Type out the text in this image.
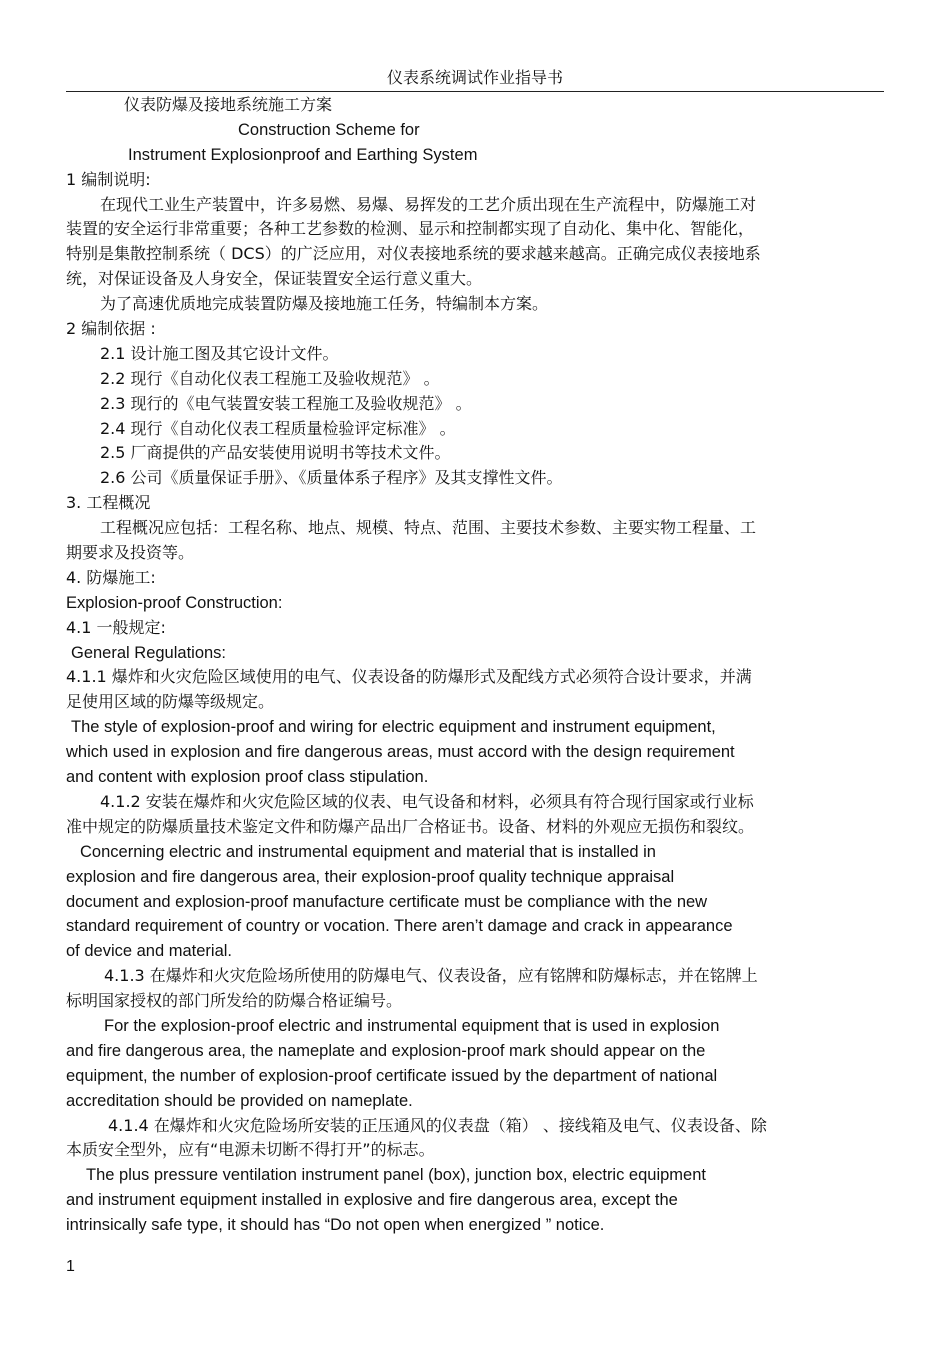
仪表系统调试作业指导书
仪表防爆及接地系统施工方案
Construction Scheme for
Instrument Explosionproof and Earthing System
1 编制说明:
在现代工业生产装置中，许多易燃、易爆、易挥发的工艺介质出现在生产流程中，防爆施工对
装置的安全运行非常重要；各种工艺参数的检测、显示和控制都实现了自动化、集中化、智能化，
特别是集散控制系统（ DCS）的广泛应用，对仪表接地系统的要求越来越高。正确完成仪表接地系
统，对保证设备及人身安全，保证装置安全运行意义重大。
为了高速优质地完成装置防爆及接地施工任务，特编制本方案。
2 编制依据 :
2.1 设计施工图及其它设计文件。
2.2 现行《自动化仪表工程施工及验收规范》 。
2.3 现行的《电气装置安装工程施工及验收规范》 。
2.4 现行《自动化仪表工程质量检验评定标准》 。
2.5 厂商提供的产品安装使用说明书等技术文件。
2.6 公司《质量保证手册》、《质量体系子程序》及其支撑性文件。
3. 工程概况
工程概况应包括：工程名称、地点、规模、特点、范围、主要技术参数、主要实物工程量、工
期要求及投资等。
4. 防爆施工:
Explosion-proof Construction:
4.1 一般规定:
General Regulations:
4.1.1 爆炸和火灾危险区域使用的电气、仪表设备的防爆形式及配线方式必须符合设计要求，并满
足使用区域的防爆等级规定。
The style of explosion-proof and wiring for electric equipment and instrument equipment,
which used in explosion and fire dangerous areas, must accord with the design requirement
and content with explosion proof class stipulation.
4.1.2 安装在爆炸和火灾危险区域的仪表、电气设备和材料，必须具有符合现行国家或行业标
准中规定的防爆质量技术鉴定文件和防爆产品出厂合格证书。设备、材料的外观应无损伤和裂纹。
Concerning electric and instrumental equipment and material that is installed in
explosion and fire dangerous area, their explosion-proof quality technique appraisal
document and explosion-proof manufacture certificate must be compliance with the new
standard requirement of country or vocation. There aren’t damage and crack in appearance
of device and material.
4.1.3 在爆炸和火灾危险场所使用的防爆电气、仪表设备，应有铭牌和防爆标志，并在铭牌上
标明国家授权的部门所发给的防爆合格证编号。
For the explosion-proof electric and instrumental equipment that is used in explosion
and fire dangerous area, the nameplate and explosion-proof mark should appear on the
equipment, the number of explosion-proof certificate issued by the department of national
accreditation should be provided on nameplate.
4.1.4 在爆炸和火灾危险场所安装的正压通风的仪表盘（箱） 、接线箱及电气、仪表设备、除
本质安全型外，应有“电源未切断不得打开”的标志。
The plus pressure ventilation instrument panel (box), junction box, electric equipment
and instrument equipment installed in explosive and fire dangerous area, except the
intrinsically safe type, it should has “Do not open when energized ” notice.
1
